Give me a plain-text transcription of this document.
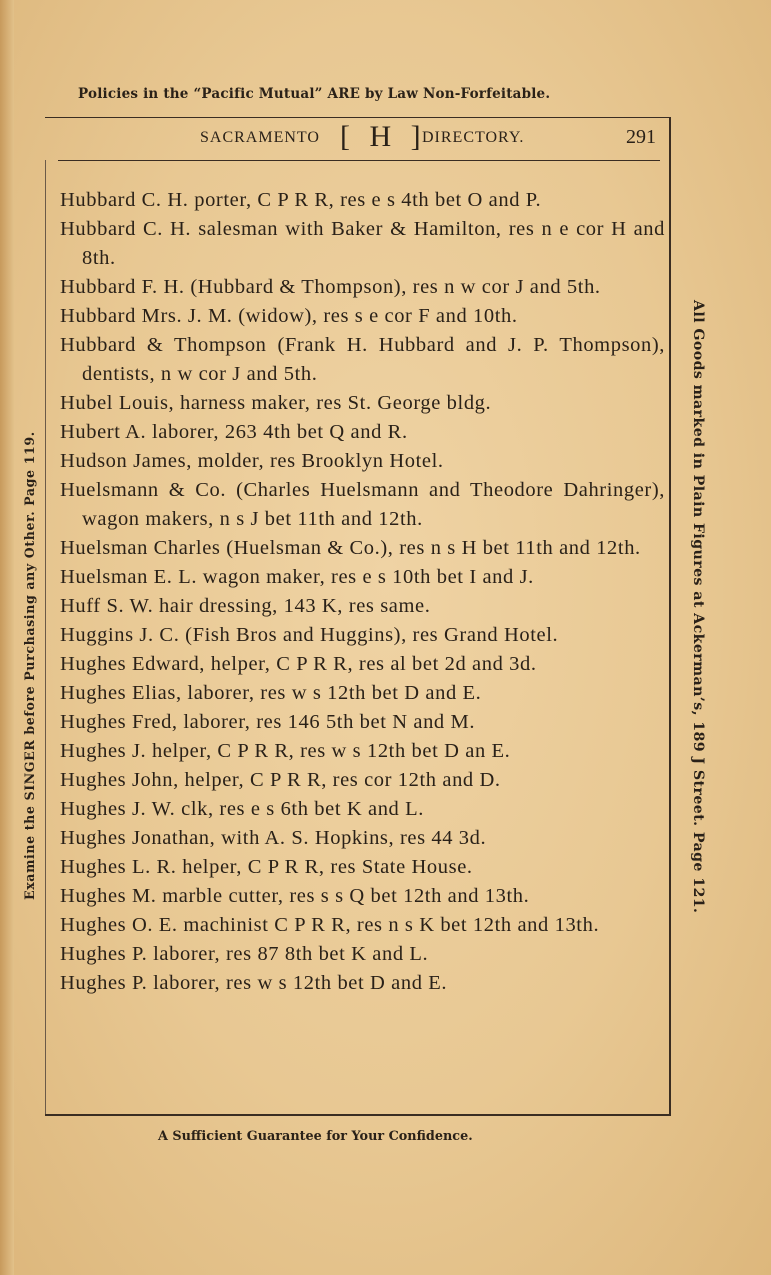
Policies in the “Pacific Mutual” ARE by Law Non-Forfeitable.
SACRAMENTO [ H ]
DIRECTORY.	291
Examine the SINGER before Purchasing any Other. Page 119.	All Goods marked in Plain Figures at Ackerman’s, 189 J Street. Page 121.
Hubbard C. H. porter, C P R R, res e s 4th bet O and P.
Hubbard C. H. salesman with Baker & Hamilton, res n e cor H and 8th.
Hubbard F. H. (Hubbard & Thompson), res n w cor J and 5th.
Hubbard Mrs. J. M. (widow), res s e cor F and 10th.
Hubbard & Thompson (Frank H. Hubbard and J. P. Thompson), dentists, n w cor J and 5th.
Hubel Louis, harness maker, res St. George bldg.
Hubert A. laborer, 263 4th bet Q and R.
Hudson James, molder, res Brooklyn Hotel.
Huelsmann & Co. (Charles Huelsmann and Theodore Dahringer), wagon makers, n s J bet 11th and 12th.
Huelsman Charles (Huelsman & Co.), res n s H bet 11th and 12th.
Huelsman E. L. wagon maker, res e s 10th bet I and J.
Huff S. W. hair dressing, 143 K, res same.
Huggins J. C. (Fish Bros and Huggins), res Grand Hotel.
Hughes Edward, helper, C P R R, res al bet 2d and 3d.
Hughes Elias, laborer, res w s 12th bet D and E.
Hughes Fred, laborer, res 146 5th bet N and M.
Hughes J. helper, C P R R, res w s 12th bet D an E.
Hughes John, helper, C P R R, res cor 12th and D.
Hughes J. W. clk, res e s 6th bet K and L.
Hughes Jonathan, with A. S. Hopkins, res 44 3d.
Hughes L. R. helper, C P R R, res State House.
Hughes M. marble cutter, res s s Q bet 12th and 13th.
Hughes O. E. machinist C P R R, res n s K bet 12th and 13th.
Hughes P. laborer, res 87 8th bet K and L.
Hughes P. laborer, res w s 12th bet D and E.
A Sufficient Guarantee for Your Confidence.
